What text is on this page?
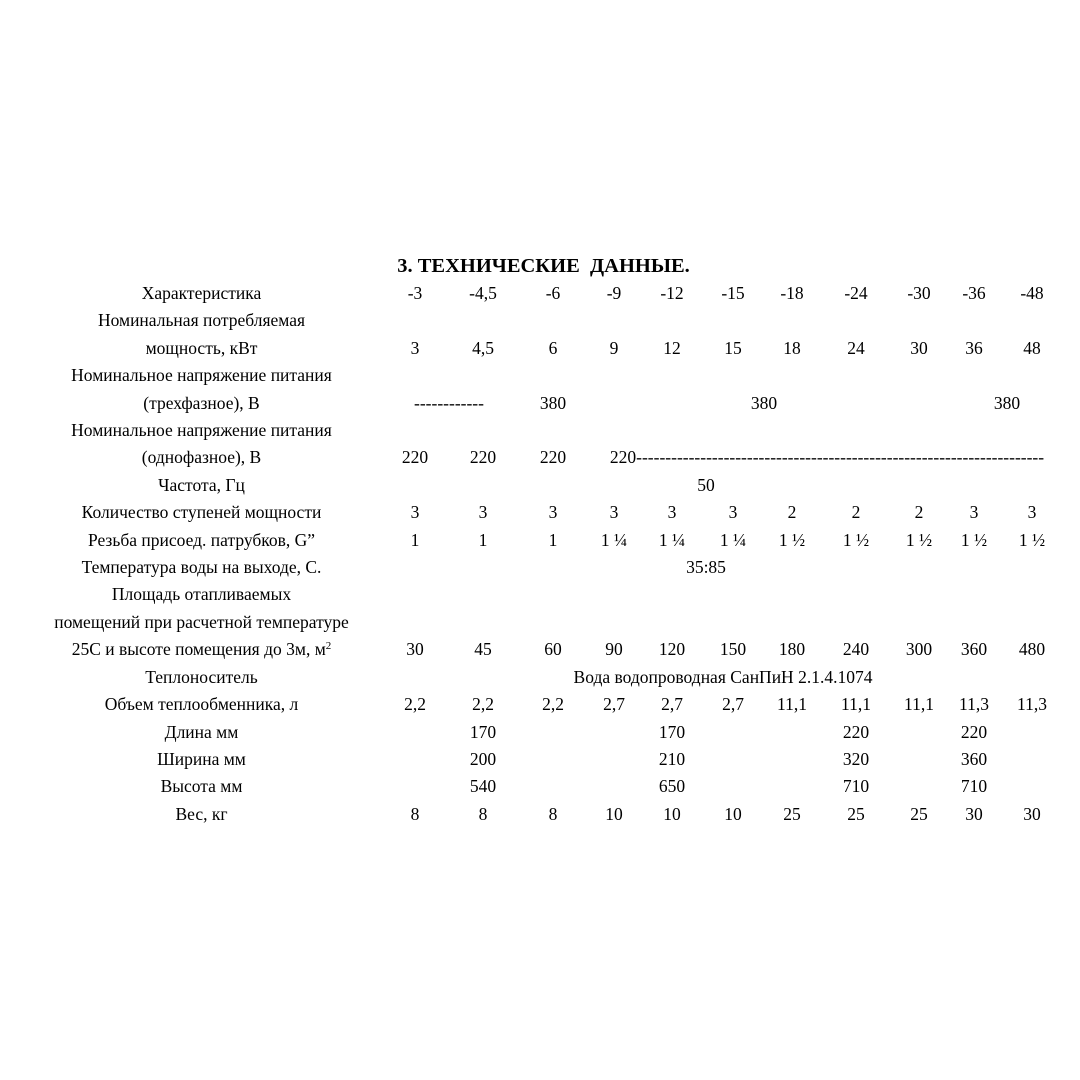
3. ТЕХНИЧЕСКИЕ  ДАННЫЕ.
Характеристика	-3	-4,5	-6	-9	-12	-15	-18	-24	-30	-36	-48

Номинальная потребляемая
мощность, кВт	3	4,5	6	9	12	15	18	24	30	36	48

Номинальное напряжение питания
(трехфазное), В	------------		380			380				380	

Номинальное напряжение питания
(однофазное), В	220	220	220	220----------------------------------------------------------------------							
Частота, Гц				50							
Количество ступеней мощности	3	3	3	3	3	3	2	2	2	3	3
Резьба присоед. патрубков, G”	1	1	1	1 ¼	1 ¼	1 ¼	1 ½	1 ½	1 ½	1 ½	1 ½
Температура воды на выходе, С.				35:85							

Площадь отапливаемых
помещений при расчетной температуре
25С и высоте помещения до 3м, $м^2$	30	45	60	90	120	150	180	240	300	360	480
Теплоноситель	Вода водопроводная СанПиН 2.1.4.1074										
Объем теплообменника, л	2,2	2,2	2,2	2,7	2,7	2,7	11,1	11,1	11,1	11,3	11,3
Длина мм		170			170			220		220	
Ширина мм		200			210			320		360	
Высота мм		540			650			710		710	
Вес, кг	8	8	8	10	10	10	25	25	25	30	30
